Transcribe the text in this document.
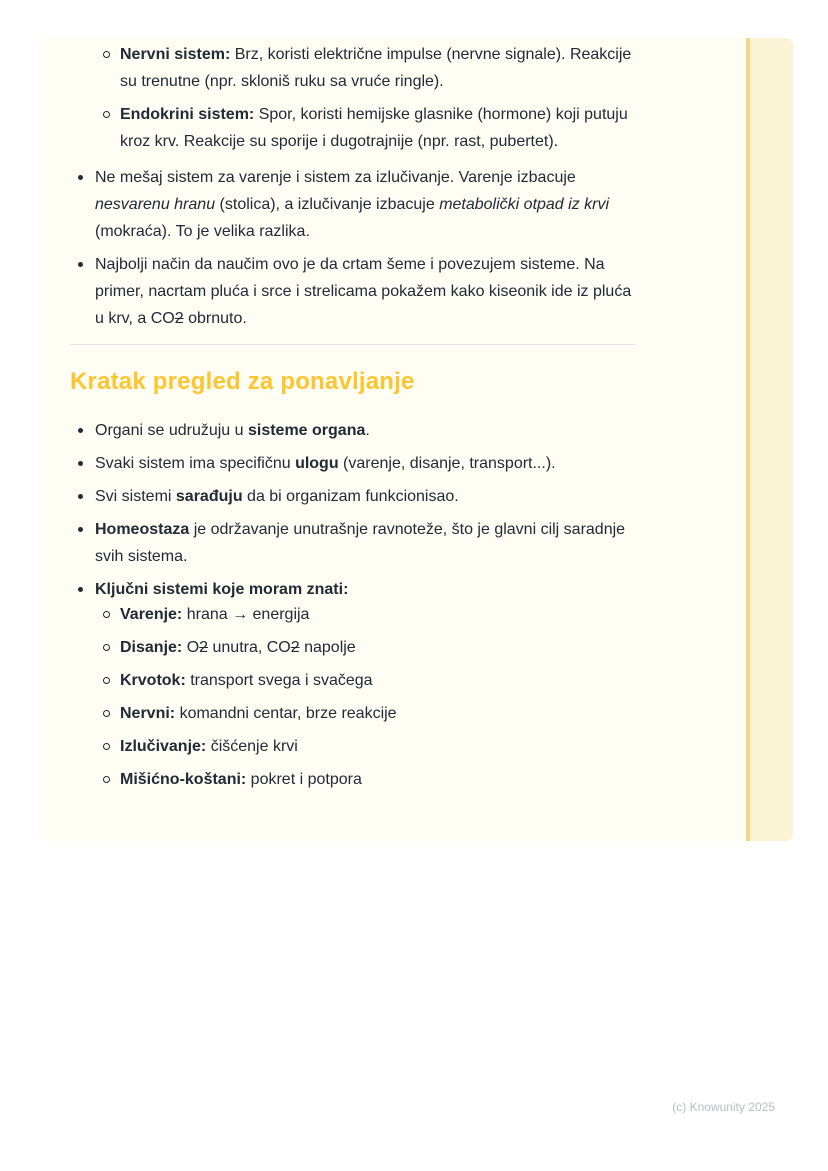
Nervni sistem: Brz, koristi električne impulse (nervne signale). Reakcije su trenutne (npr. skloniš ruku sa vruće ringle).
Endokrini sistem: Spor, koristi hemijske glasnike (hormone) koji putuju kroz krv. Reakcije su sporije i dugotrajnije (npr. rast, pubertet).
Ne mešaj sistem za varenje i sistem za izlučivanje. Varenje izbacuje nesvarenu hranu (stolica), a izlučivanje izbacuje metabolički otpad iz krvi (mokraća). To je velika razlika.
Najbolji način da naučim ovo je da crtam šeme i povezujem sisteme. Na primer, nacrtam pluća i srce i strelicama pokažem kako kiseonik ide iz pluća u krv, a CO2 obrnuto.
Kratak pregled za ponavljanje
Organi se udružuju u sisteme organa.
Svaki sistem ima specifičnu ulogu (varenje, disanje, transport...).
Svi sistemi sarađuju da bi organizam funkcionisao.
Homeostaza je održavanje unutrašnje ravnoteže, što je glavni cilj saradnje svih sistema.
Ključni sistemi koje moram znati:
Varenje: hrana → energija
Disanje: O2 unutra, CO2 napolje
Krvotok: transport svega i svačega
Nervni: komandni centar, brze reakcije
Izlučivanje: čišćenje krvi
Mišićno-koštani: pokret i potpora
(c) Knowunity 2025
